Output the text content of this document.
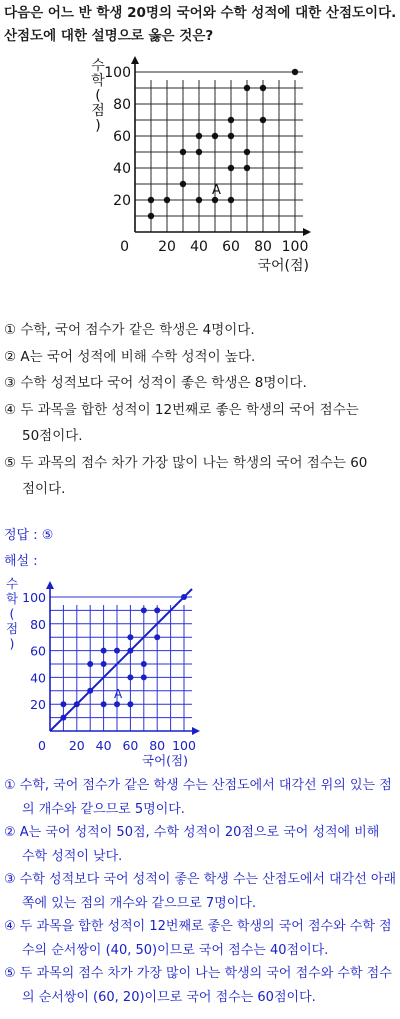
다음은 어느 반 학생 20명의 국어와 수학 성적에 대한 산점도이다.
산점도에 대한 설명으로 옳은 것은?
0 20 40 60 80 100
20
40
60
80
100
국어(점)
수 학 ( 점 )
A
① 수학, 국어 점수가 같은 학생은 4명이다.
② A는 국어 성적에 비해 수학 성적이 높다.
③ 수학 성적보다 국어 성적이 좋은 학생은 8명이다.
④ 두 과목을 합한 성적이 12번째로 좋은 학생의 국어 점수는
50점이다.
⑤ 두 과목의 점수 차가 가장 많이 나는 학생의 국어 점수는 60
점이다.
정답 : ⑤
해설 :
0 20 40 60 80 100
20
40
60
80
100
국어(점)
수 학 ( 점 )
A
① 수학, 국어 점수가 같은 학생 수는 산점도에서 대각선 위의 있는 점
의 개수와 같으므로 5명이다.
② A는 국어 성적이 50점, 수학 성적이 20점으로 국어 성적에 비해
수학 성적이 낮다.
③ 수학 성적보다 국어 성적이 좋은 학생 수는 산점도에서 대각선 아래
쪽에 있는 점의 개수와 같으므로 7명이다.
④ 두 과목을 합한 성적이 12번째로 좋은 학생의 국어 점수와 수학 점
수의 순서쌍이 (40, 50)이므로 국어 점수는 40점이다.
⑤ 두 과목의 점수 차가 가장 많이 나는 학생의 국어 점수와 수학 점수
의 순서쌍이 (60, 20)이므로 국어 점수는 60점이다.
